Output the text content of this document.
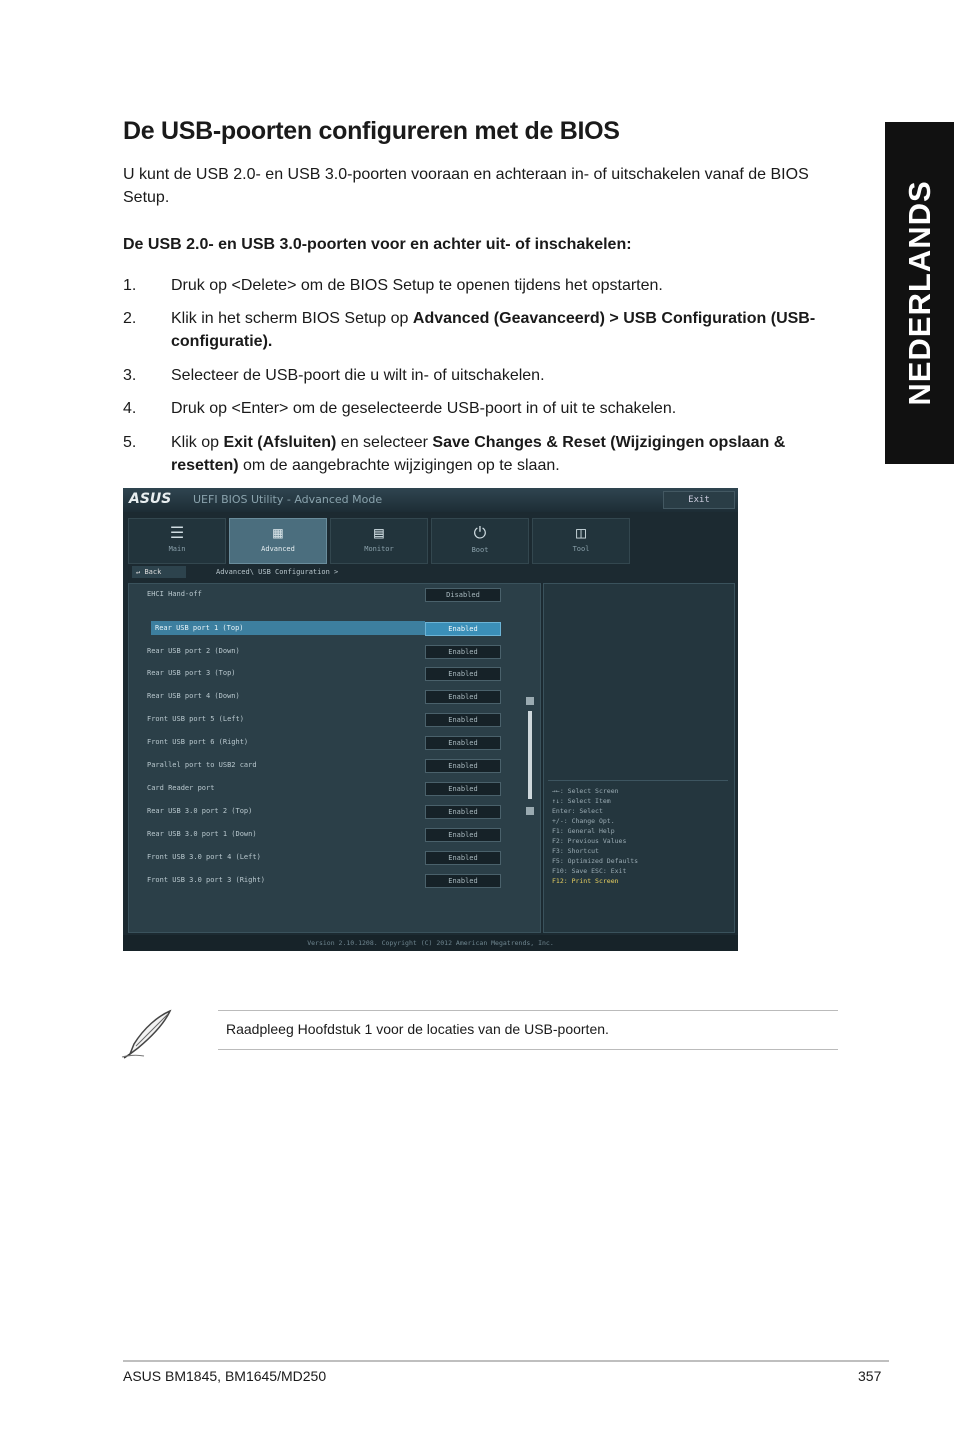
De USB-poorten configureren met de BIOS

U kunt de USB 2.0- en USB 3.0-poorten vooraan en achteraan in- of uitschakelen vanaf de BIOS Setup.

De USB 2.0- en USB 3.0-poorten voor en achter uit- of inschakelen:

1. Druk op <Delete> om de BIOS Setup te openen tijdens het opstarten.
2. Klik in het scherm BIOS Setup op Advanced (Geavanceerd) > USB Configuration (USB-configuratie).
3. Selecteer de USB-poort die u wilt in- of uitschakelen.
4. Druk op <Enter> om de geselecteerde USB-poort in of uit te schakelen.
5. Klik op Exit (Afsluiten) en selecteer Save Changes & Reset (Wijzigingen opslaan & resetten) om de aangebrachte wijzigingen op te slaan.
NEDERLANDS
ASUS UEFI BIOS Utility - Advanced Mode	Exit
☰
Main
▦
Advanced
▤
Monitor
⏻
Boot
◫
Tool
↵ Back	Advanced\ USB Configuration >
EHCI Hand-off	Disabled
Rear USB port 1 (Top)	Enabled
Rear USB port 2 (Down)	Enabled
Rear USB port 3 (Top)	Enabled
Rear USB port 4 (Down)	Enabled
Front USB port 5 (Left)	Enabled
Front USB port 6 (Right)	Enabled
Parallel port to USB2 card	Enabled
Card Reader port	Enabled
Rear USB 3.0 port 2 (Top)	Enabled
Rear USB 3.0 port 1 (Down)	Enabled
Front USB 3.0 port 4 (Left)	Enabled
Front USB 3.0 port 3 (Right)	Enabled
→←: Select Screen
↑↓: Select Item
Enter: Select
+/-: Change Opt.
F1: General Help
F2: Previous Values
F3: Shortcut
F5: Optimized Defaults
F10: Save ESC: Exit
F12: Print Screen
Version 2.10.1208. Copyright (C) 2012 American Megatrends, Inc.
Raadpleeg Hoofdstuk 1 voor de locaties van de USB-poorten.
ASUS BM1845, BM1645/MD250	357
